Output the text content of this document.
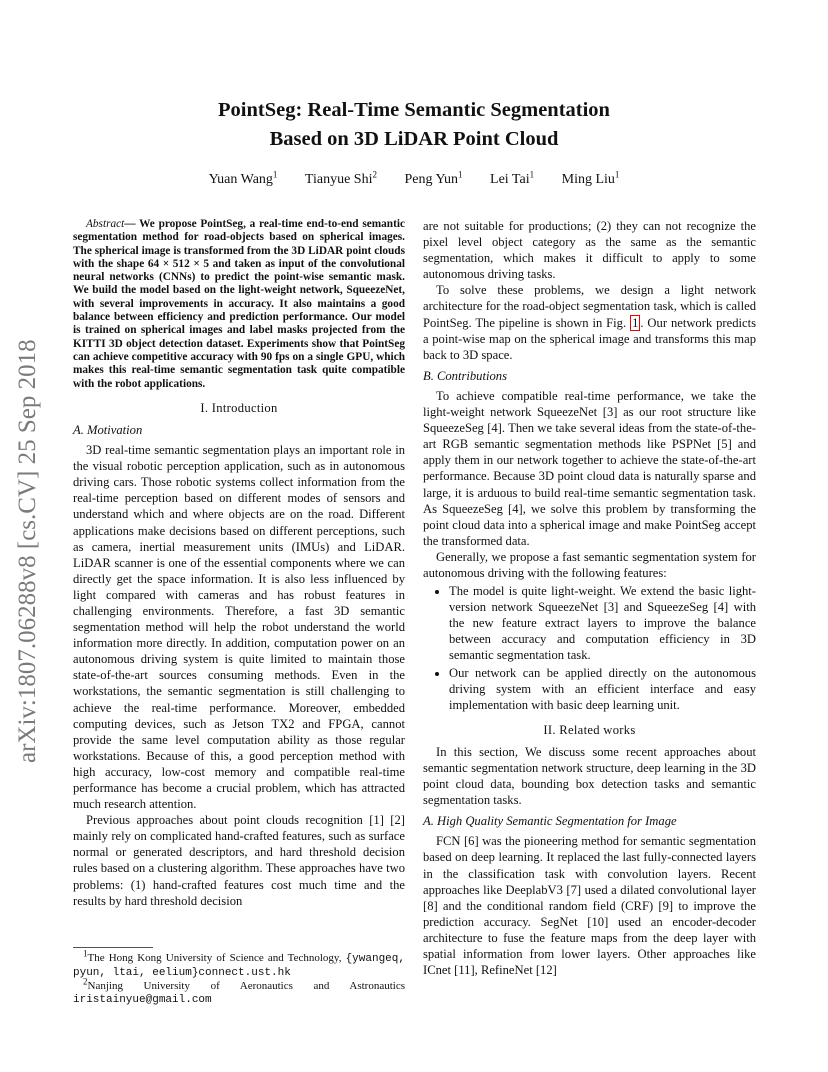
arXiv:1807.06288v8 [cs.CV] 25 Sep 2018
PointSeg: Real-Time Semantic Segmentation
Based on 3D LiDAR Point Cloud
Yuan Wang$^1$ Tianyue Shi$^2$ Peng Yun$^1$ Lei Tai$^1$ Ming Liu$^1$

Abstract— We propose PointSeg, a real-time end-to-end semantic segmentation method for road-objects based on spherical images. The spherical image is transformed from the 3D LiDAR point clouds with the shape 64 × 512 × 5 and taken as input of the convolutional neural networks (CNNs) to predict the point-wise semantic mask. We build the model based on the light-weight network, SqueezeNet, with several improvements in accuracy. It also maintains a good balance between efficiency and prediction performance. Our model is trained on spherical images and label masks projected from the KITTI 3D object detection dataset. Experiments show that PointSeg can achieve competitive accuracy with 90 fps on a single GPU, which makes this real-time semantic segmentation task quite compatible with the robot applications.

I. Introduction
A. Motivation

3D real-time semantic segmentation plays an important role in the visual robotic perception application, such as in autonomous driving cars. Those robotic systems collect information from the real-time perception based on different modes of sensors and understand which and where objects are on the road. Different applications make decisions based on different perceptions, such as camera, inertial measurement units (IMUs) and LiDAR. LiDAR scanner is one of the essential components where we can directly get the space information. It is also less influenced by light compared with cameras and has robust features in challenging environments. Therefore, a fast 3D semantic segmentation method will help the robot understand the world information more directly. In addition, computation power on an autonomous driving system is quite limited to maintain those state-of-the-art sources consuming methods. Even in the workstations, the semantic segmentation is still challenging to achieve the real-time performance. Moreover, embedded computing devices, such as Jetson TX2 and FPGA, cannot provide the same level computation ability as those regular workstations. Because of this, a good perception method with high accuracy, low-cost memory and compatible real-time performance has become a crucial problem, which has attracted much research attention.

Previous approaches about point clouds recognition [1] [2] mainly rely on complicated hand-crafted features, such as surface normal or generated descriptors, and hard threshold decision rules based on a clustering algorithm. These approaches have two problems: (1) hand-crafted features cost much time and the results by hard threshold decision

$^1$The Hong Kong University of Science and Technology, {ywangeq, pyun, ltai, eelium}connect.ust.hk

$^2$Nanjing University of Aeronautics and Astronautics iristainyue@gmail.com

are not suitable for productions; (2) they can not recognize the pixel level object category as the same as the semantic segmentation, which makes it difficult to apply to some autonomous driving tasks.

To solve these problems, we design a light network architecture for the road-object segmentation task, which is called PointSeg. The pipeline is shown in Fig. 1 . Our network predicts a point-wise map on the spherical image and transforms this map back to 3D space.

B. Contributions

To achieve compatible real-time performance, we take the light-weight network SqueezeNet [3] as our root structure like SqueezeSeg [4]. Then we take several ideas from the state-of-the-art RGB semantic segmentation methods like PSPNet [5] and apply them in our network together to achieve the state-of-the-art performance. Because 3D point cloud data is naturally sparse and large, it is arduous to build real-time semantic segmentation task. As SqueezeSeg [4], we solve this problem by transforming the point cloud data into a spherical image and make PointSeg accept the transformed data.

Generally, we propose a fast semantic segmentation system for autonomous driving with the following features:

• The model is quite light-weight. We extend the basic light-version network SqueezeNet [3] and SqueezeSeg [4] with the new feature extract layers to improve the balance between accuracy and computation efficiency in 3D semantic segmentation task.
• Our network can be applied directly on the autonomous driving system with an efficient interface and easy implementation with basic deep learning unit.
II. Related works

In this section, We discuss some recent approaches about semantic segmentation network structure, deep learning in the 3D point cloud data, bounding box detection tasks and semantic segmentation tasks.

A. High Quality Semantic Segmentation for Image

FCN [6] was the pioneering method for semantic segmentation based on deep learning. It replaced the last fully-connected layers in the classification task with convolution layers. Recent approaches like DeeplabV3 [7] used a dilated convolutional layer [8] and the conditional random field (CRF) [9] to improve the prediction accuracy. SegNet [10] used an encoder-decoder architecture to fuse the feature maps from the deep layer with spatial information from lower layers. Other approaches like ICnet [11], RefineNet [12]
